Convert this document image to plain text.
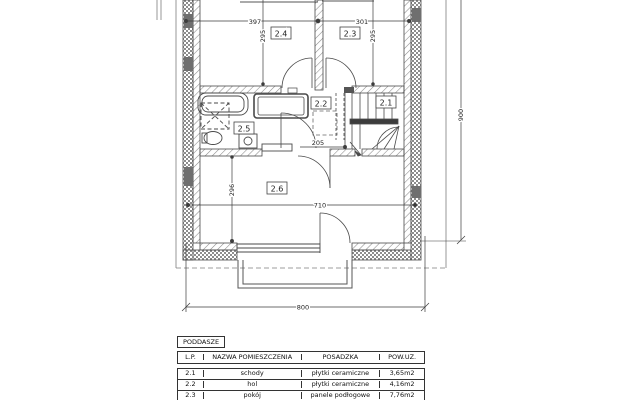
397	301
295	295
296
205
710
900
800
2.4	2.3
2.2	2.1
2.5
2.6
PODDASZE
L.P.	NAZWA POMIESZCZENIA	POSADZKA	POW.UŻ.
2.1	schody	płytki ceramiczne	3,65m2
2.2	hol	płytki ceramiczne	4,16m2
2.3	pokój	panele podłogowe	7,76m2
